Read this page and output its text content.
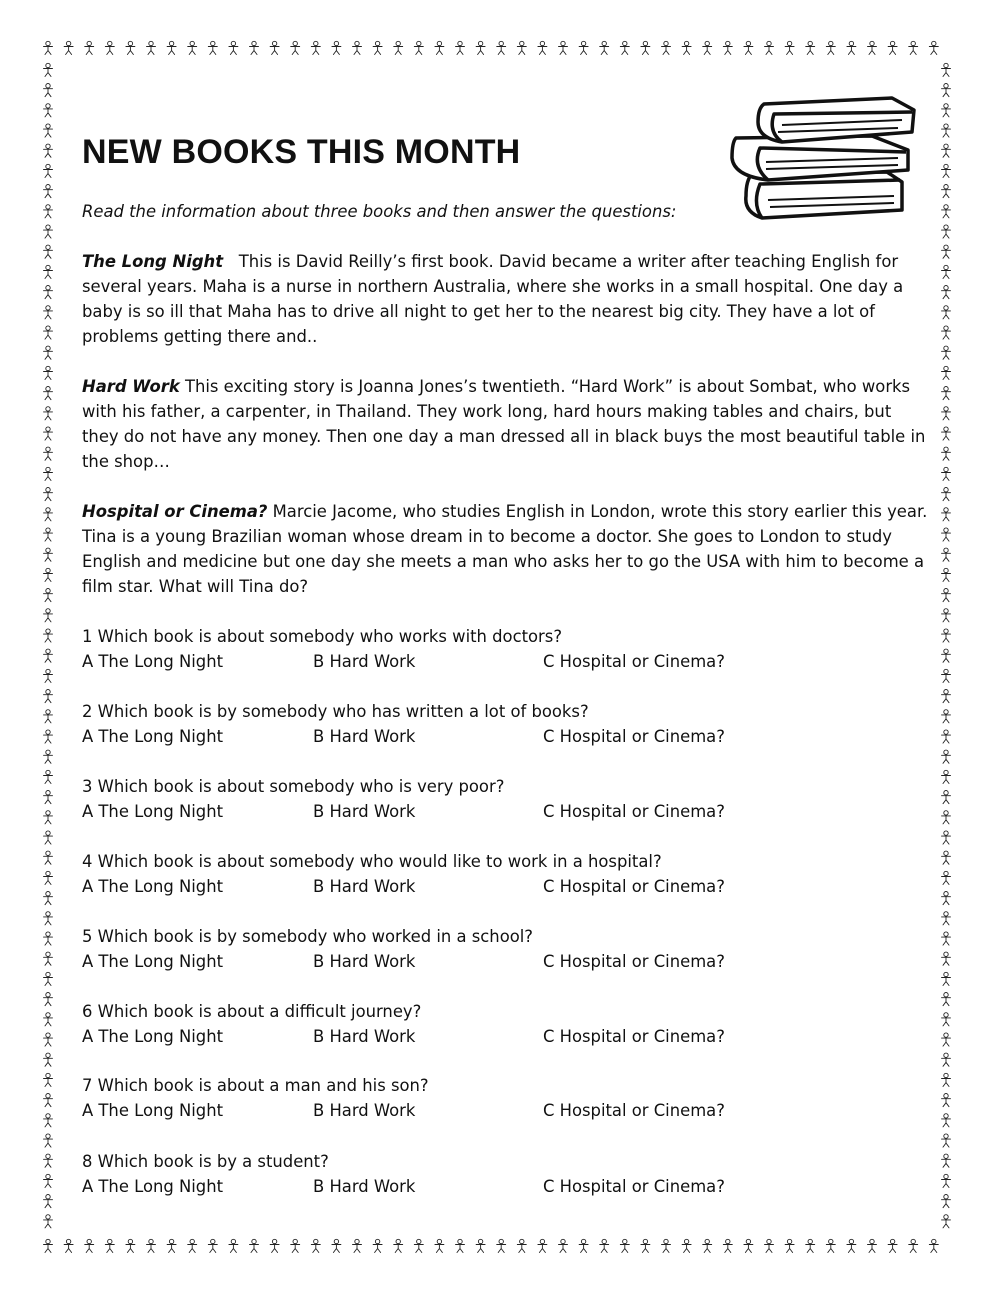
NEW BOOKS THIS MONTH

Read the information about three books and then answer the questions:

The Long Night This is David Reilly’s first book. David became a writer after teaching English for several years. Maha is a nurse in northern Australia, where she works in a small hospital. One day a baby is so ill that Maha has to drive all night to get her to the nearest big city. They have a lot of problems getting there and..

Hard Work This exciting story is Joanna Jones’s twentieth. “Hard Work” is about Sombat, who works with his father, a carpenter, in Thailand. They work long, hard hours making tables and chairs, but they do not have any money. Then one day a man dressed all in black buys the most beautiful table in the shop…

Hospital or Cinema? Marcie Jacome, who studies English in London, wrote this story earlier this year. Tina is a young Brazilian woman whose dream in to become a doctor. She goes to London to study English and medicine but one day she meets a man who asks her to go the USA with him to become a film star. What will Tina do?

1 Which book is about somebody who works with doctors?
A The Long Night	B Hard Work	C Hospital or Cinema?
2 Which book is by somebody who has written a lot of books?
A The Long Night	B Hard Work	C Hospital or Cinema?
3 Which book is about somebody who is very poor?
A The Long Night	B Hard Work	C Hospital or Cinema?
4 Which book is about somebody who would like to work in a hospital?
A The Long Night	B Hard Work	C Hospital or Cinema?
5 Which book is by somebody who worked in a school?
A The Long Night	B Hard Work	C Hospital or Cinema?
6 Which book is about a difficult journey?
A The Long Night	B Hard Work	C Hospital or Cinema?
7 Which book is about a man and his son?
A The Long Night	B Hard Work	C Hospital or Cinema?
8 Which book is by a student?
A The Long Night	B Hard Work	C Hospital or Cinema?
